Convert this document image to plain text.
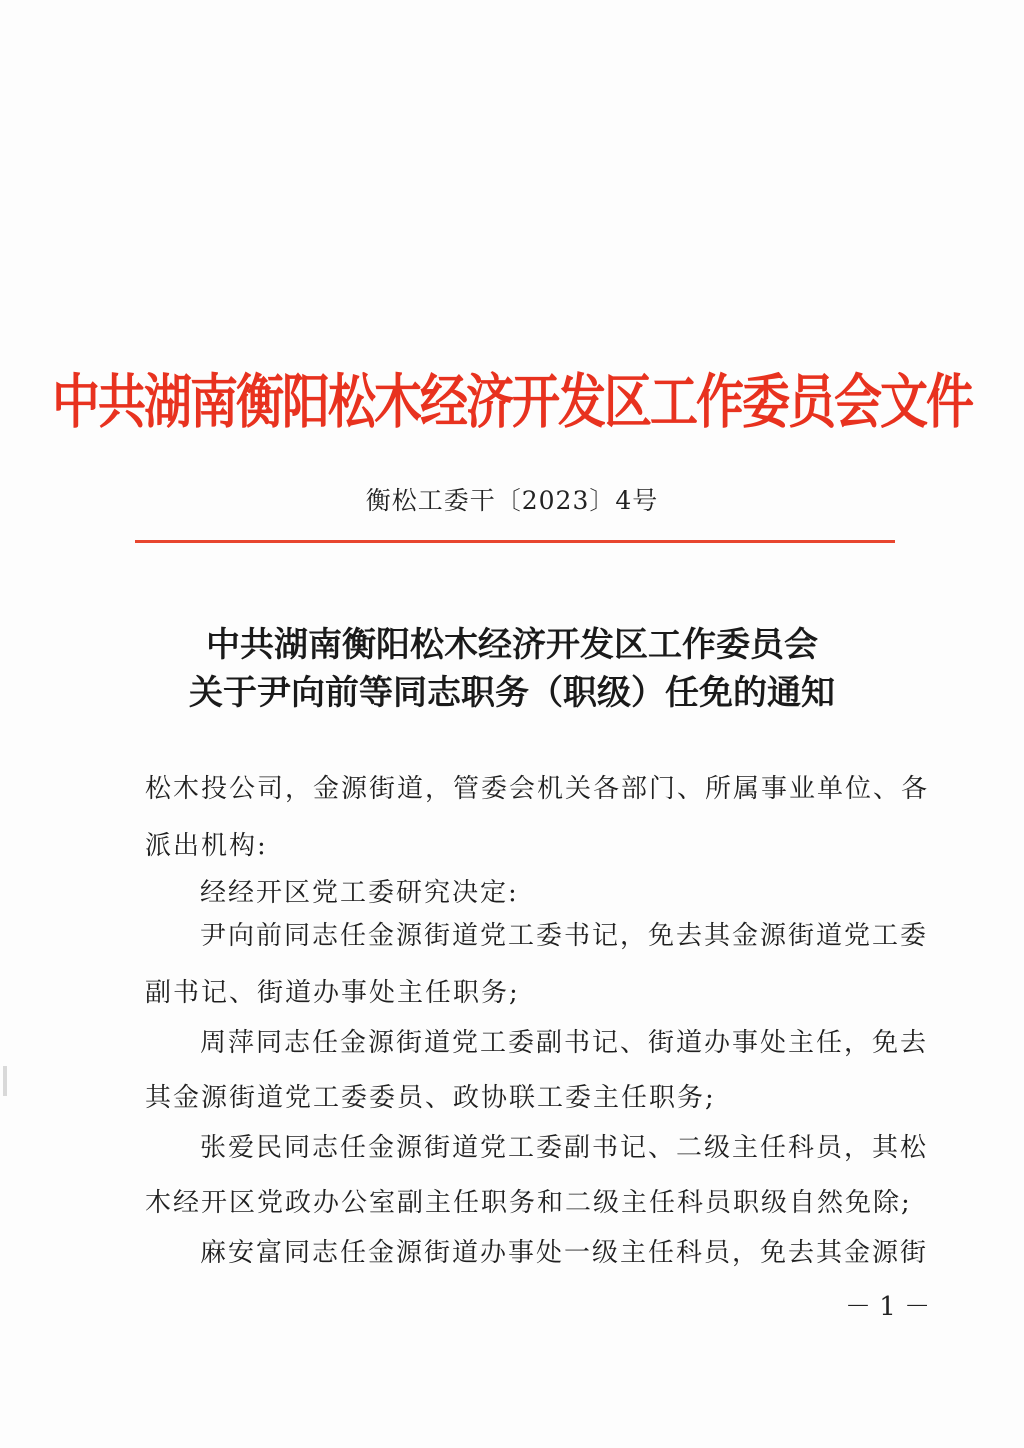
中共湖南衡阳松木经济开发区工作委员会文件
衡松工委干〔2023〕4号
中共湖南衡阳松木经济开发区工作委员会
关于尹向前等同志职务（职级）任免的通知
松木投公司，金源街道，管委会机关各部门、所属事业单位、各
派出机构:
经经开区党工委研究决定:
尹向前同志任金源街道党工委书记，免去其金源街道党工委
副书记、街道办事处主任职务;
周萍同志任金源街道党工委副书记、街道办事处主任，免去
其金源街道党工委委员、政协联工委主任职务;
张爱民同志任金源街道党工委副书记、二级主任科员，其松
木经开区党政办公室副主任职务和二级主任科员职级自然免除;
麻安富同志任金源街道办事处一级主任科员，免去其金源街
－ 1 －
